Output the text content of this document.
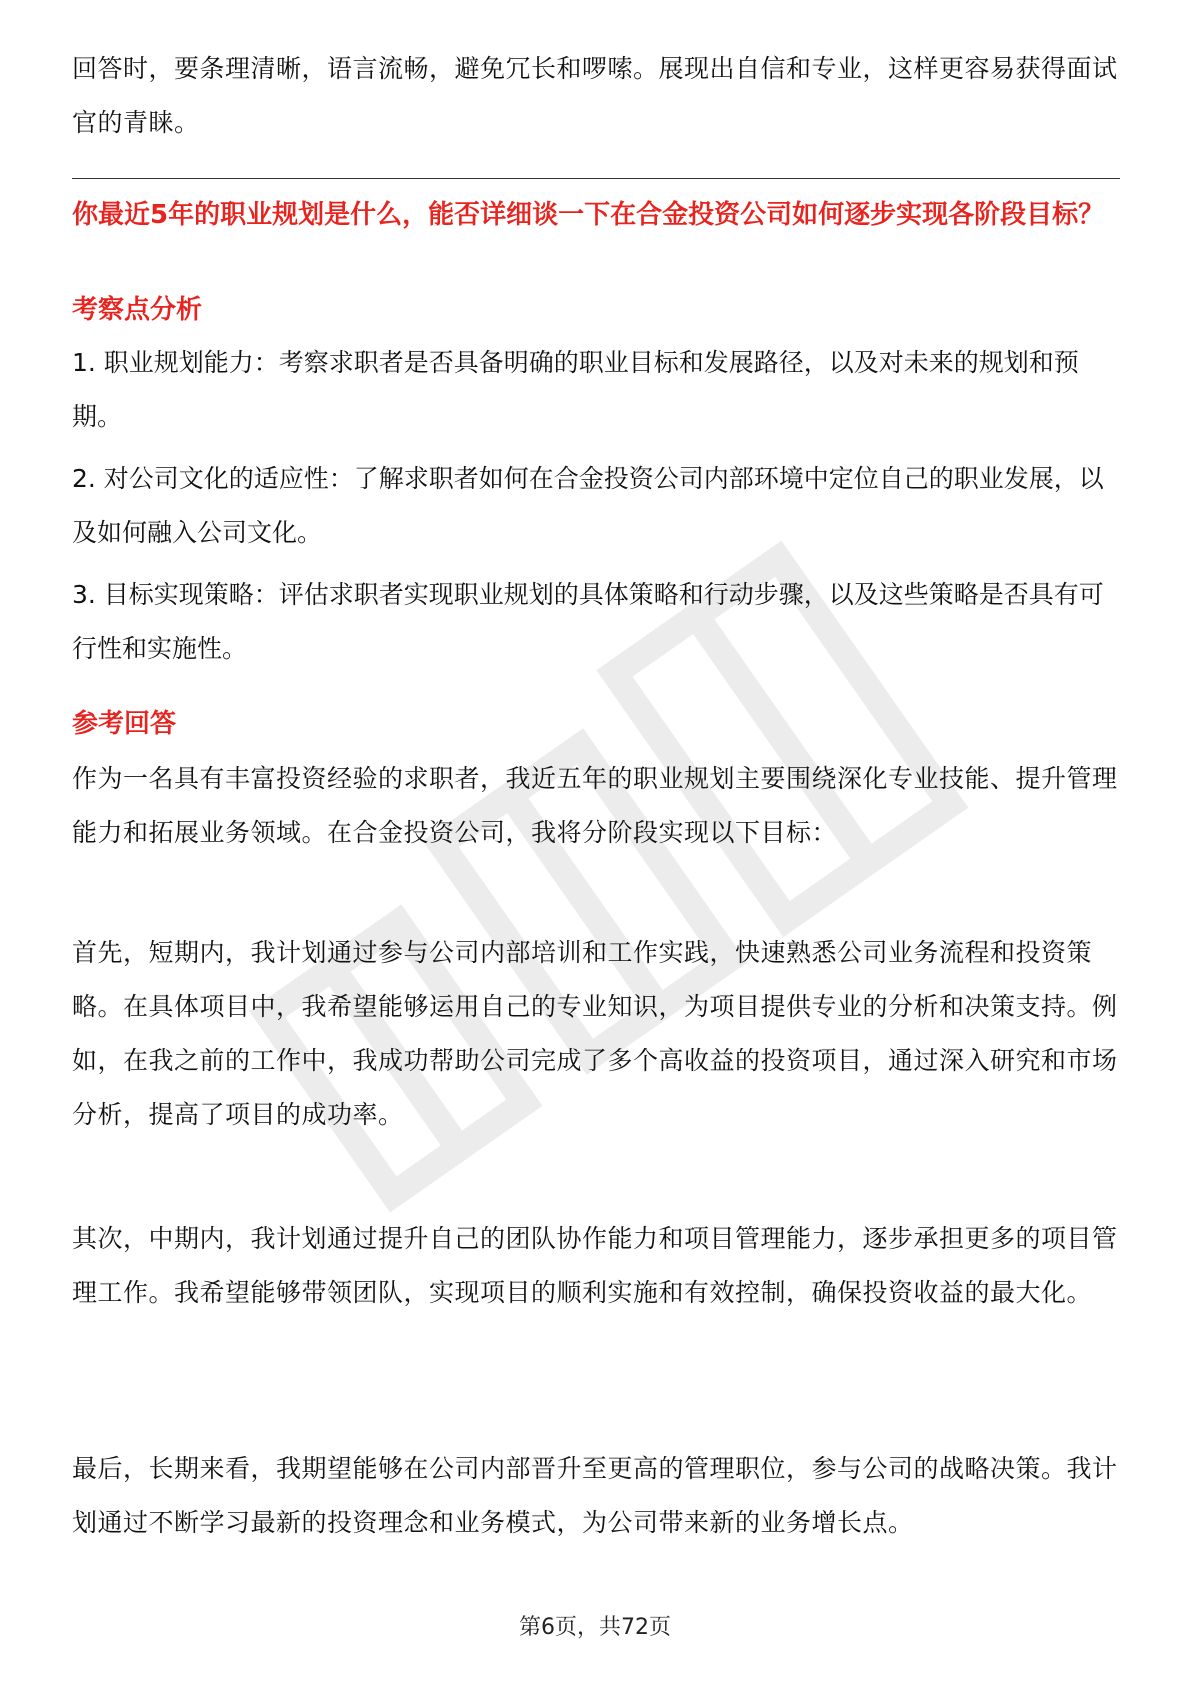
回答时，要条理清晰，语言流畅，避免冗长和啰嗦。展现出自信和专业，这样更容易获得面试官的青睐。

你最近5年的职业规划是什么，能否详细谈一下在合金投资公司如何逐步实现各阶段目标？

考察点分析

1. 职业规划能力：考察求职者是否具备明确的职业目标和发展路径，以及对未来的规划和预期。
2. 对公司文化的适应性：了解求职者如何在合金投资公司内部环境中定位自己的职业发展，以及如何融入公司文化。
3. 目标实现策略：评估求职者实现职业规划的具体策略和行动步骤，以及这些策略是否具有可行性和实施性。

参考回答

作为一名具有丰富投资经验的求职者，我近五年的职业规划主要围绕深化专业技能、提升管理能力和拓展业务领域。在合金投资公司，我将分阶段实现以下目标：

首先，短期内，我计划通过参与公司内部培训和工作实践，快速熟悉公司业务流程和投资策略。在具体项目中，我希望能够运用自己的专业知识，为项目提供专业的分析和决策支持。例如，在我之前的工作中，我成功帮助公司完成了多个高收益的投资项目，通过深入研究和市场分析，提高了项目的成功率。

其次，中期内，我计划通过提升自己的团队协作能力和项目管理能力，逐步承担更多的项目管理工作。我希望能够带领团队，实现项目的顺利实施和有效控制，确保投资收益的最大化。

最后，长期来看，我期望能够在公司内部晋升至更高的管理职位，参与公司的战略决策。我计划通过不断学习最新的投资理念和业务模式，为公司带来新的业务增长点。

第6页，共72页
